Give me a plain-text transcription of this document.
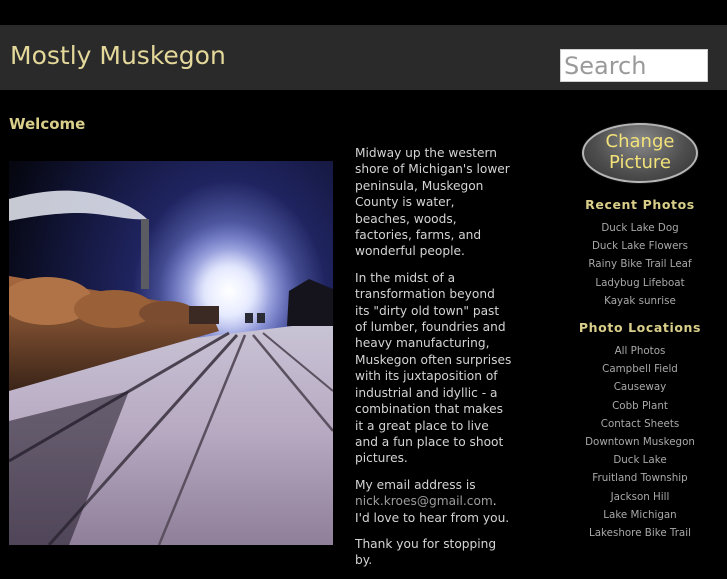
Mostly Muskegon
Search
Welcome

Midway up the western shore of Michigan's lower peninsula, Muskegon County is water, beaches, woods, factories, farms, and wonderful people.

In the midst of a transformation beyond its "dirty old town" past of lumber, foundries and heavy manufacturing, Muskegon often surprises with its juxtaposition of industrial and idyllic - a combination that makes it a great place to live and a fun place to shoot pictures.

My email address is nick.kroes@gmail.com. I'd love to hear from you.

Thank you for stopping by.

Change
Picture
Recent Photos
Duck Lake Dog
Duck Lake Flowers
Rainy Bike Trail Leaf
Ladybug Lifeboat
Kayak sunrise
Photo Locations
All Photos
Campbell Field
Causeway
Cobb Plant
Contact Sheets
Downtown Muskegon
Duck Lake
Fruitland Township
Jackson Hill
Lake Michigan
Lakeshore Bike Trail
